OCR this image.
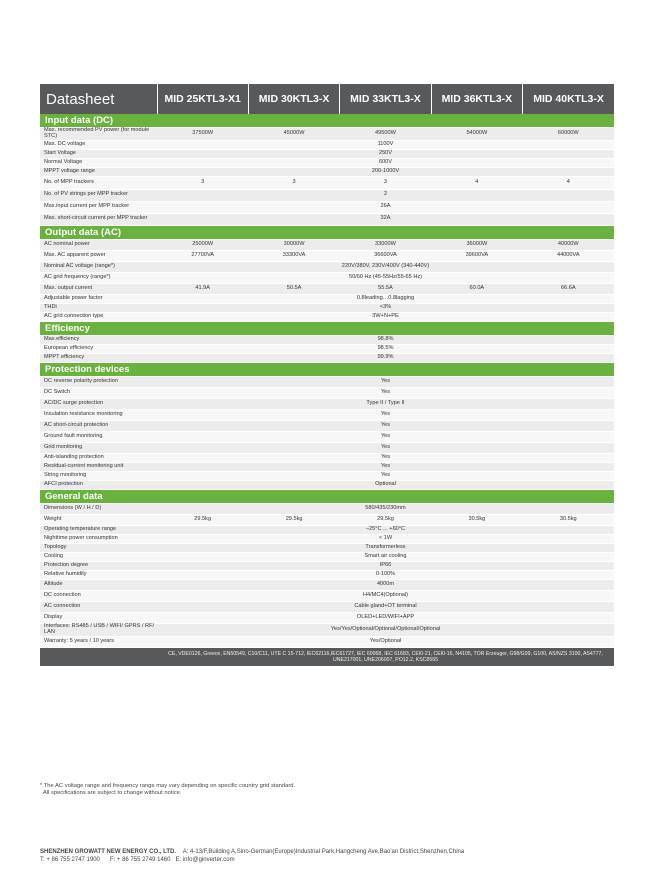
Datasheet	MID 25KTL3-X1	MID 30KTL3-X	MID 33KTL3-X	MID 36KTL3-X	MID 40KTL3-X
Input data (DC)					
Max. recommended PV power (for module STC)	37500W	45000W	49500W	54000W	60000W
Max. DC voltage	1100V				
Start Voltage	250V				
Normal Voltage	600V				
MPPT voltage range	200-1000V				
No. of MPP trackers	3	3	3	4	4
No. of PV strings per MPP tracker	2				
Max.input current per MPP tracker	26A				
Max. short-circuit current per MPP tracker	32A				
Output data (AC)					
AC nominal power	25000W	30000W	33000W	36000W	40000W
Max. AC apparent power	27700VA	33300VA	36600VA	39600VA	44000VA
Nominal AC voltage (range*)	220V/380V, 230V/400V (340-440V)				
AC grid frequency (range*)	50/60 Hz (45-55Hz/55-65 Hz)				
Max. output current	41.9A	50.5A	55.5A	60.0A	66.6A
Adjustable power factor	0.8leading…0.8lagging				
THDi	<3%				
AC grid connection type	3W+N+PE				
Efficiency					
Max.efficiency	98.8%				
European efficiency	98.5%				
MPPT efficiency	99.9%				
Protection devices					
DC reverse polarity protection	Yes				
DC Switch	Yes				
AC/DC surge protection	Type II / Type II				
Insulation resistance monitoring	Yes				
AC short-circuit protection	Yes				
Ground fault monitoring	Yes				
Grid monitoring	Yes				
Anti-islanding protection	Yes				
Residual-current monitoring unit	Yes				
String monitoring	Yes				
AFCI protection	Optional				
General data					
Dimensions (W / H / D)	580/435/230mm				
Weight	29.5kg	29.5kg	29.5kg	30.5kg	30.5kg
Operating temperature range	–25°C ... +60°C				
Nighttime power consumption	< 1W				
Topology	Transformerless				
Cooling	Smart air cooling				
Protection degree	IP66				
Relative humidity	0-100%				
Altitude	4000m				
DC connection	H4/MC4(Optional)				
AC connection	Cable gland+OT terminal				
Display	OLED+LED/WIFI+APP				
Interfaces: RS485 / USB / WIFI/ GPRS / RF/ LAN	Yes/Yes/Optional/Optional/Optional/Optional				
Warranty: 5 years / 10 years	Yes/Optional				
	CE, VDE0126, Greece, EN50549, C10/C11, UTE C 15-712, IEC62116,IEC61727, IEC 60068, IEC 61683, CEI0-21, CEI0-16, N4105, TOR Erzeuger, G98/G99, G100, AS/NZS 3100, AS4777, UNE217001, UNE206007, PO12.2, KSC8565				
* The AC voltage range and frequency range may vary depending on specific country grid standard.
All specifications are subject to change without notice.
SHENZHEN GROWATT NEW ENERGY CO., LTD. A: 4-13/F,Building A,Sino-German(Europe)Industrial Park,Hangcheng Ave,Bao'an District,Shenzhen,China
T: + 86 755 2747 1900 F: + 86 755 2749 1460 E: info@ginverter.com
